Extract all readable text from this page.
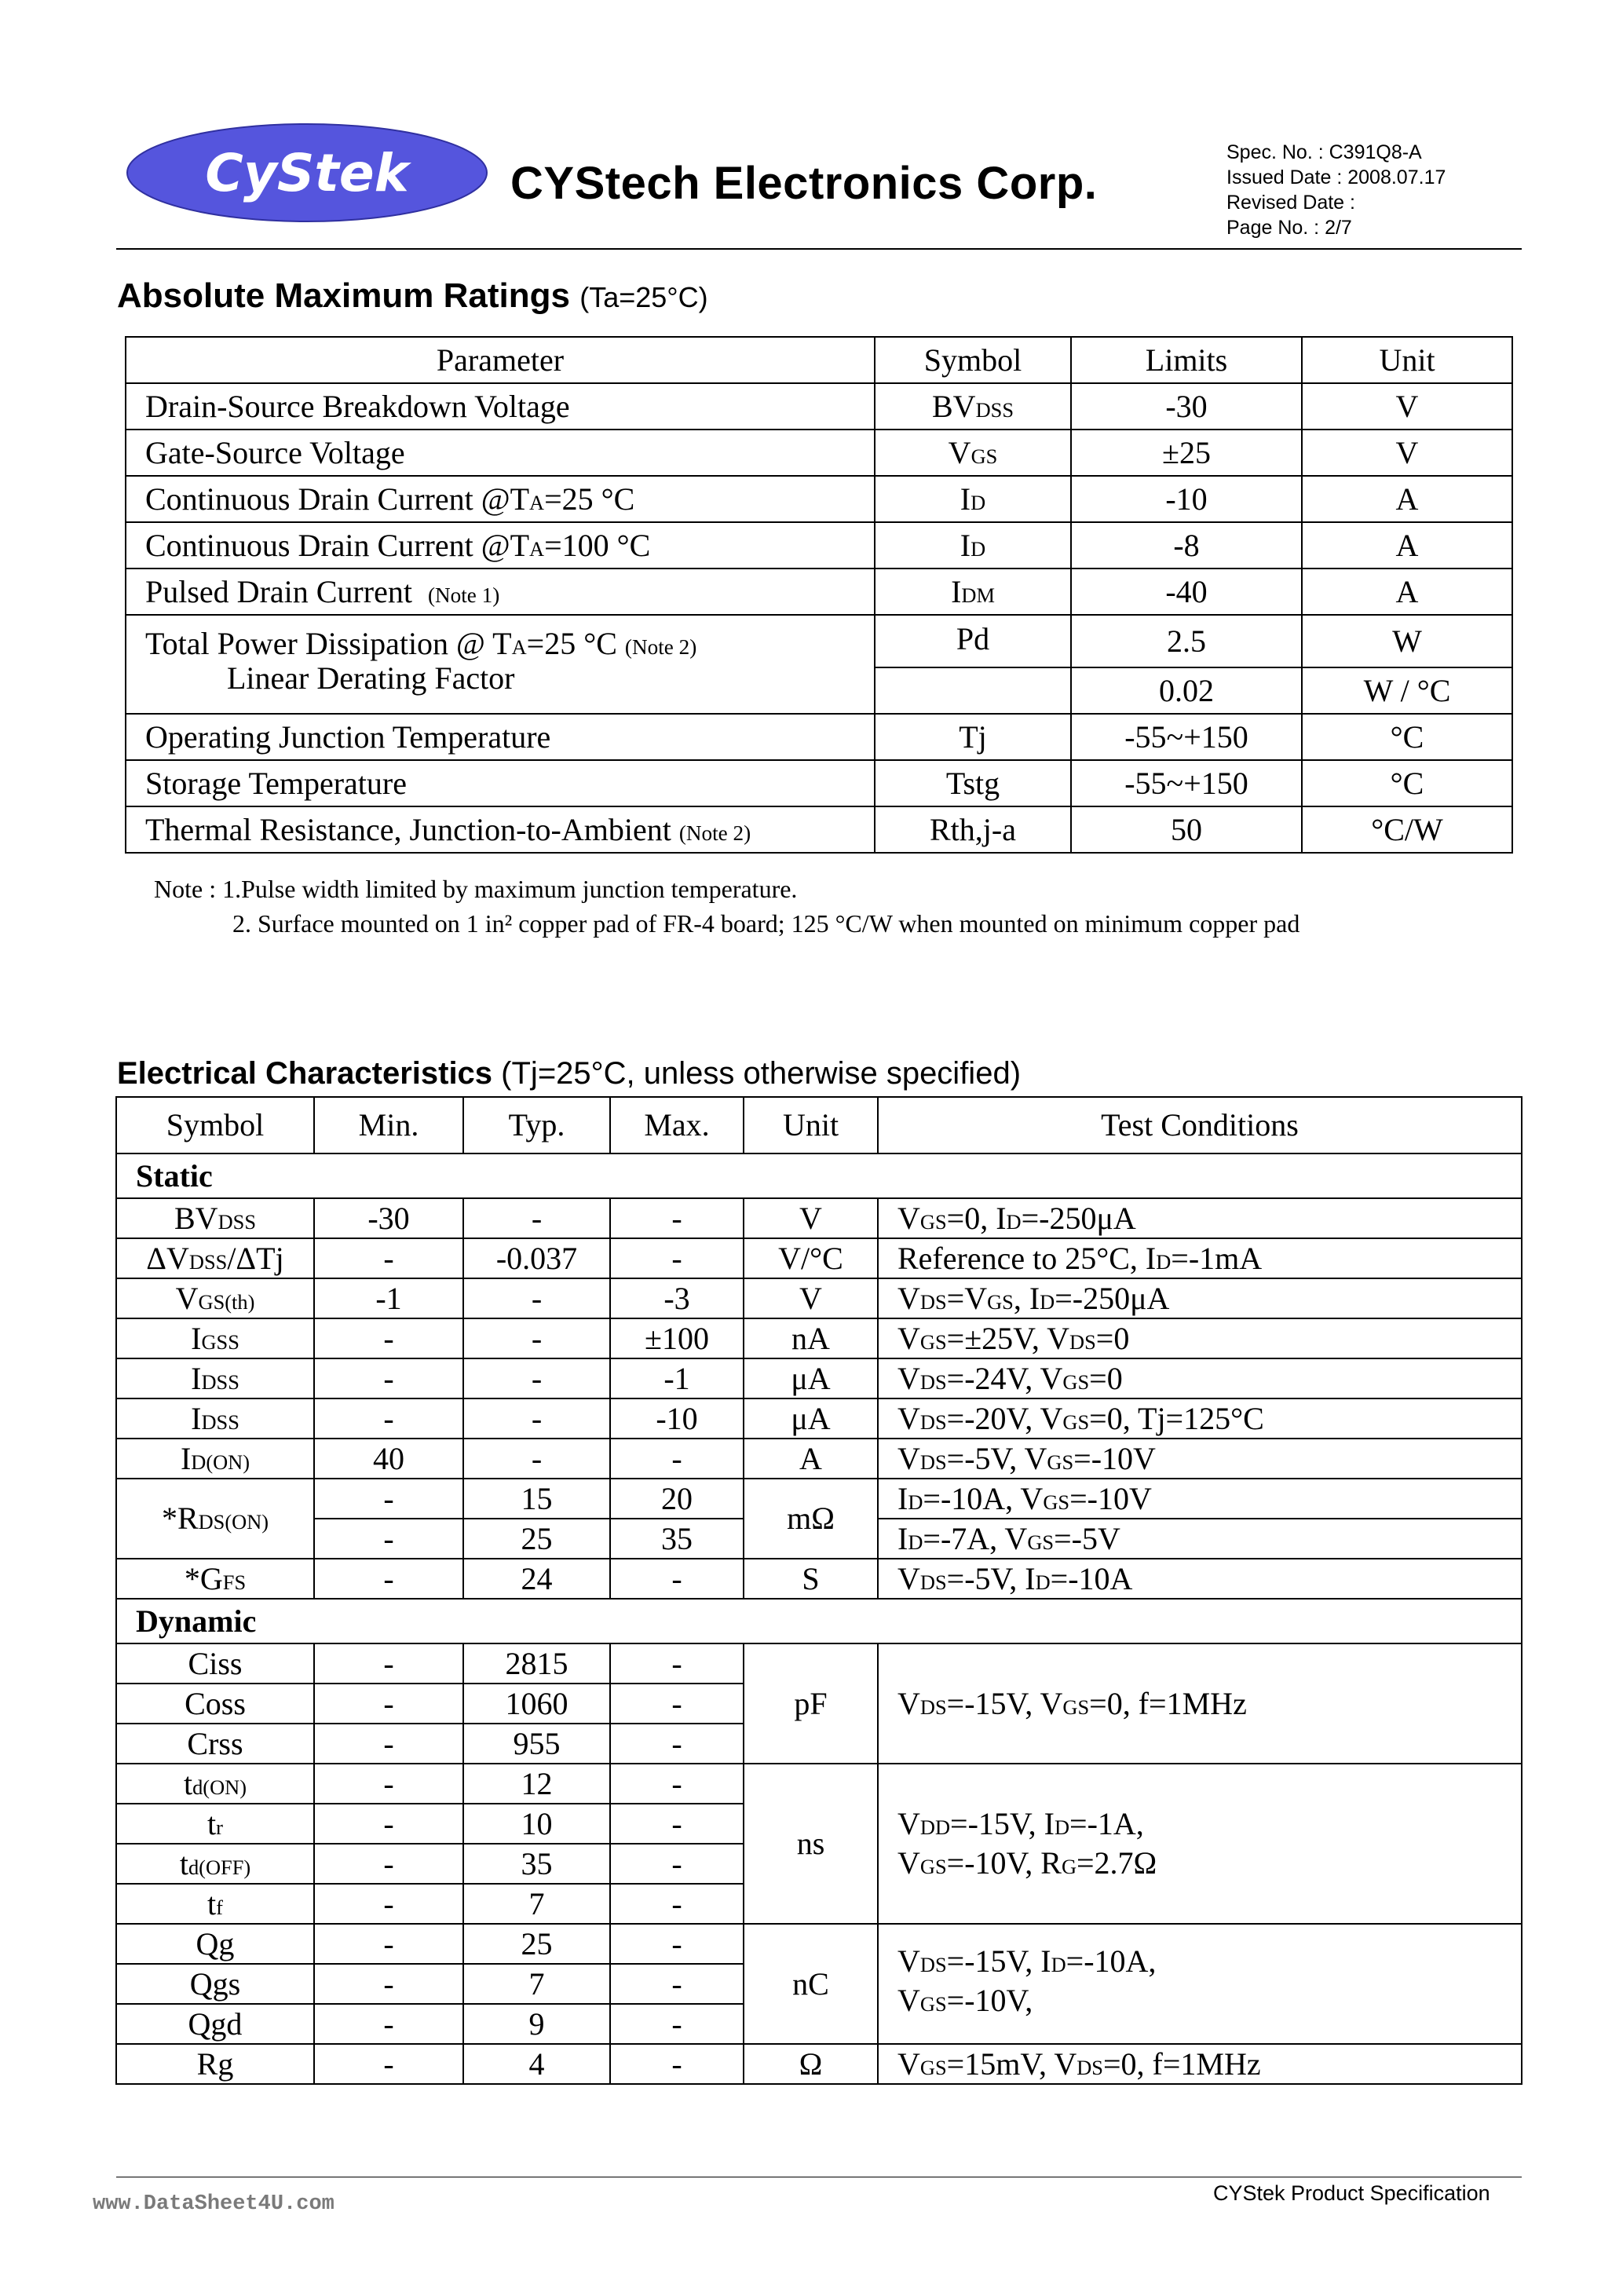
CyStek CYStech Electronics Corp.
Spec. No. : C391Q8-A
Issued Date : 2008.07.17
Revised Date :
Page No. : 2/7
Absolute Maximum Ratings (Ta=25°C)
Parameter	Symbol	Limits	Unit
Drain-Source Breakdown Voltage	BVDSS	-30	V
Gate-Source Voltage	VGS	±25	V
Continuous Drain Current @TA=25 °C	ID	-10	A
Continuous Drain Current @TA=100 °C	ID	-8	A
Pulsed Drain Current (Note 1)	IDM	-40	A

Total Power Dissipation @ TA=25 °C (Note 2)
Linear Derating Factor	Pd	2.5	W
		0.02	W / °C
Operating Junction Temperature	Tj	-55~+150	°C
Storage Temperature	Tstg	-55~+150	°C
Thermal Resistance, Junction-to-Ambient (Note 2)	Rth,j-a	50	°C/W
Note : 1.Pulse width limited by maximum junction temperature.
2. Surface mounted on 1 in² copper pad of FR-4 board; 125 °C/W when mounted on minimum copper pad
Electrical Characteristics (Tj=25°C, unless otherwise specified)
Symbol	Min.	Typ.	Max.	Unit	Test Conditions
Static					
BVDSS	-30	-	-	V	VGS=0, ID=-250μA
ΔVDSS/ΔTj	-	-0.037	-	V/°C	Reference to 25°C, ID=-1mA
VGS(th)	-1	-	-3	V	VDS=VGS, ID=-250μA
IGSS	-	-	±100	nA	VGS=±25V, VDS=0
IDSS	-	-	-1	μA	VDS=-24V, VGS=0
IDSS	-	-	-10	μA	VDS=-20V, VGS=0, Tj=125°C
ID(ON)	40	-	-	A	VDS=-5V, VGS=-10V
*RDS(ON)	-	15	20	mΩ	ID=-10A, VGS=-10V
	-	25	35		ID=-7A, VGS=-5V
*GFS	-	24	-	S	VDS=-5V, ID=-10A
Dynamic					
Ciss	-	2815	-	pF	VDS=-15V, VGS=0, f=1MHz
Coss	-	1060	-		
Crss	-	955	-		
td(ON)	-	12	-	ns	VDD=-15V, ID=-1A,
VGS=-10V, RG=2.7Ω

tr	-	10	-		
td(OFF)	-	35	-		
tf	-	7	-		
Qg	-	25	-	nC	VDS=-15V, ID=-10A,
VGS=-10V,

Qgs	-	7	-		
Qgd	-	9	-		
Rg	-	4	-	Ω	VGS=15mV, VDS=0, f=1MHz
www.DataSheet4U.com	CYStek Product Specification
